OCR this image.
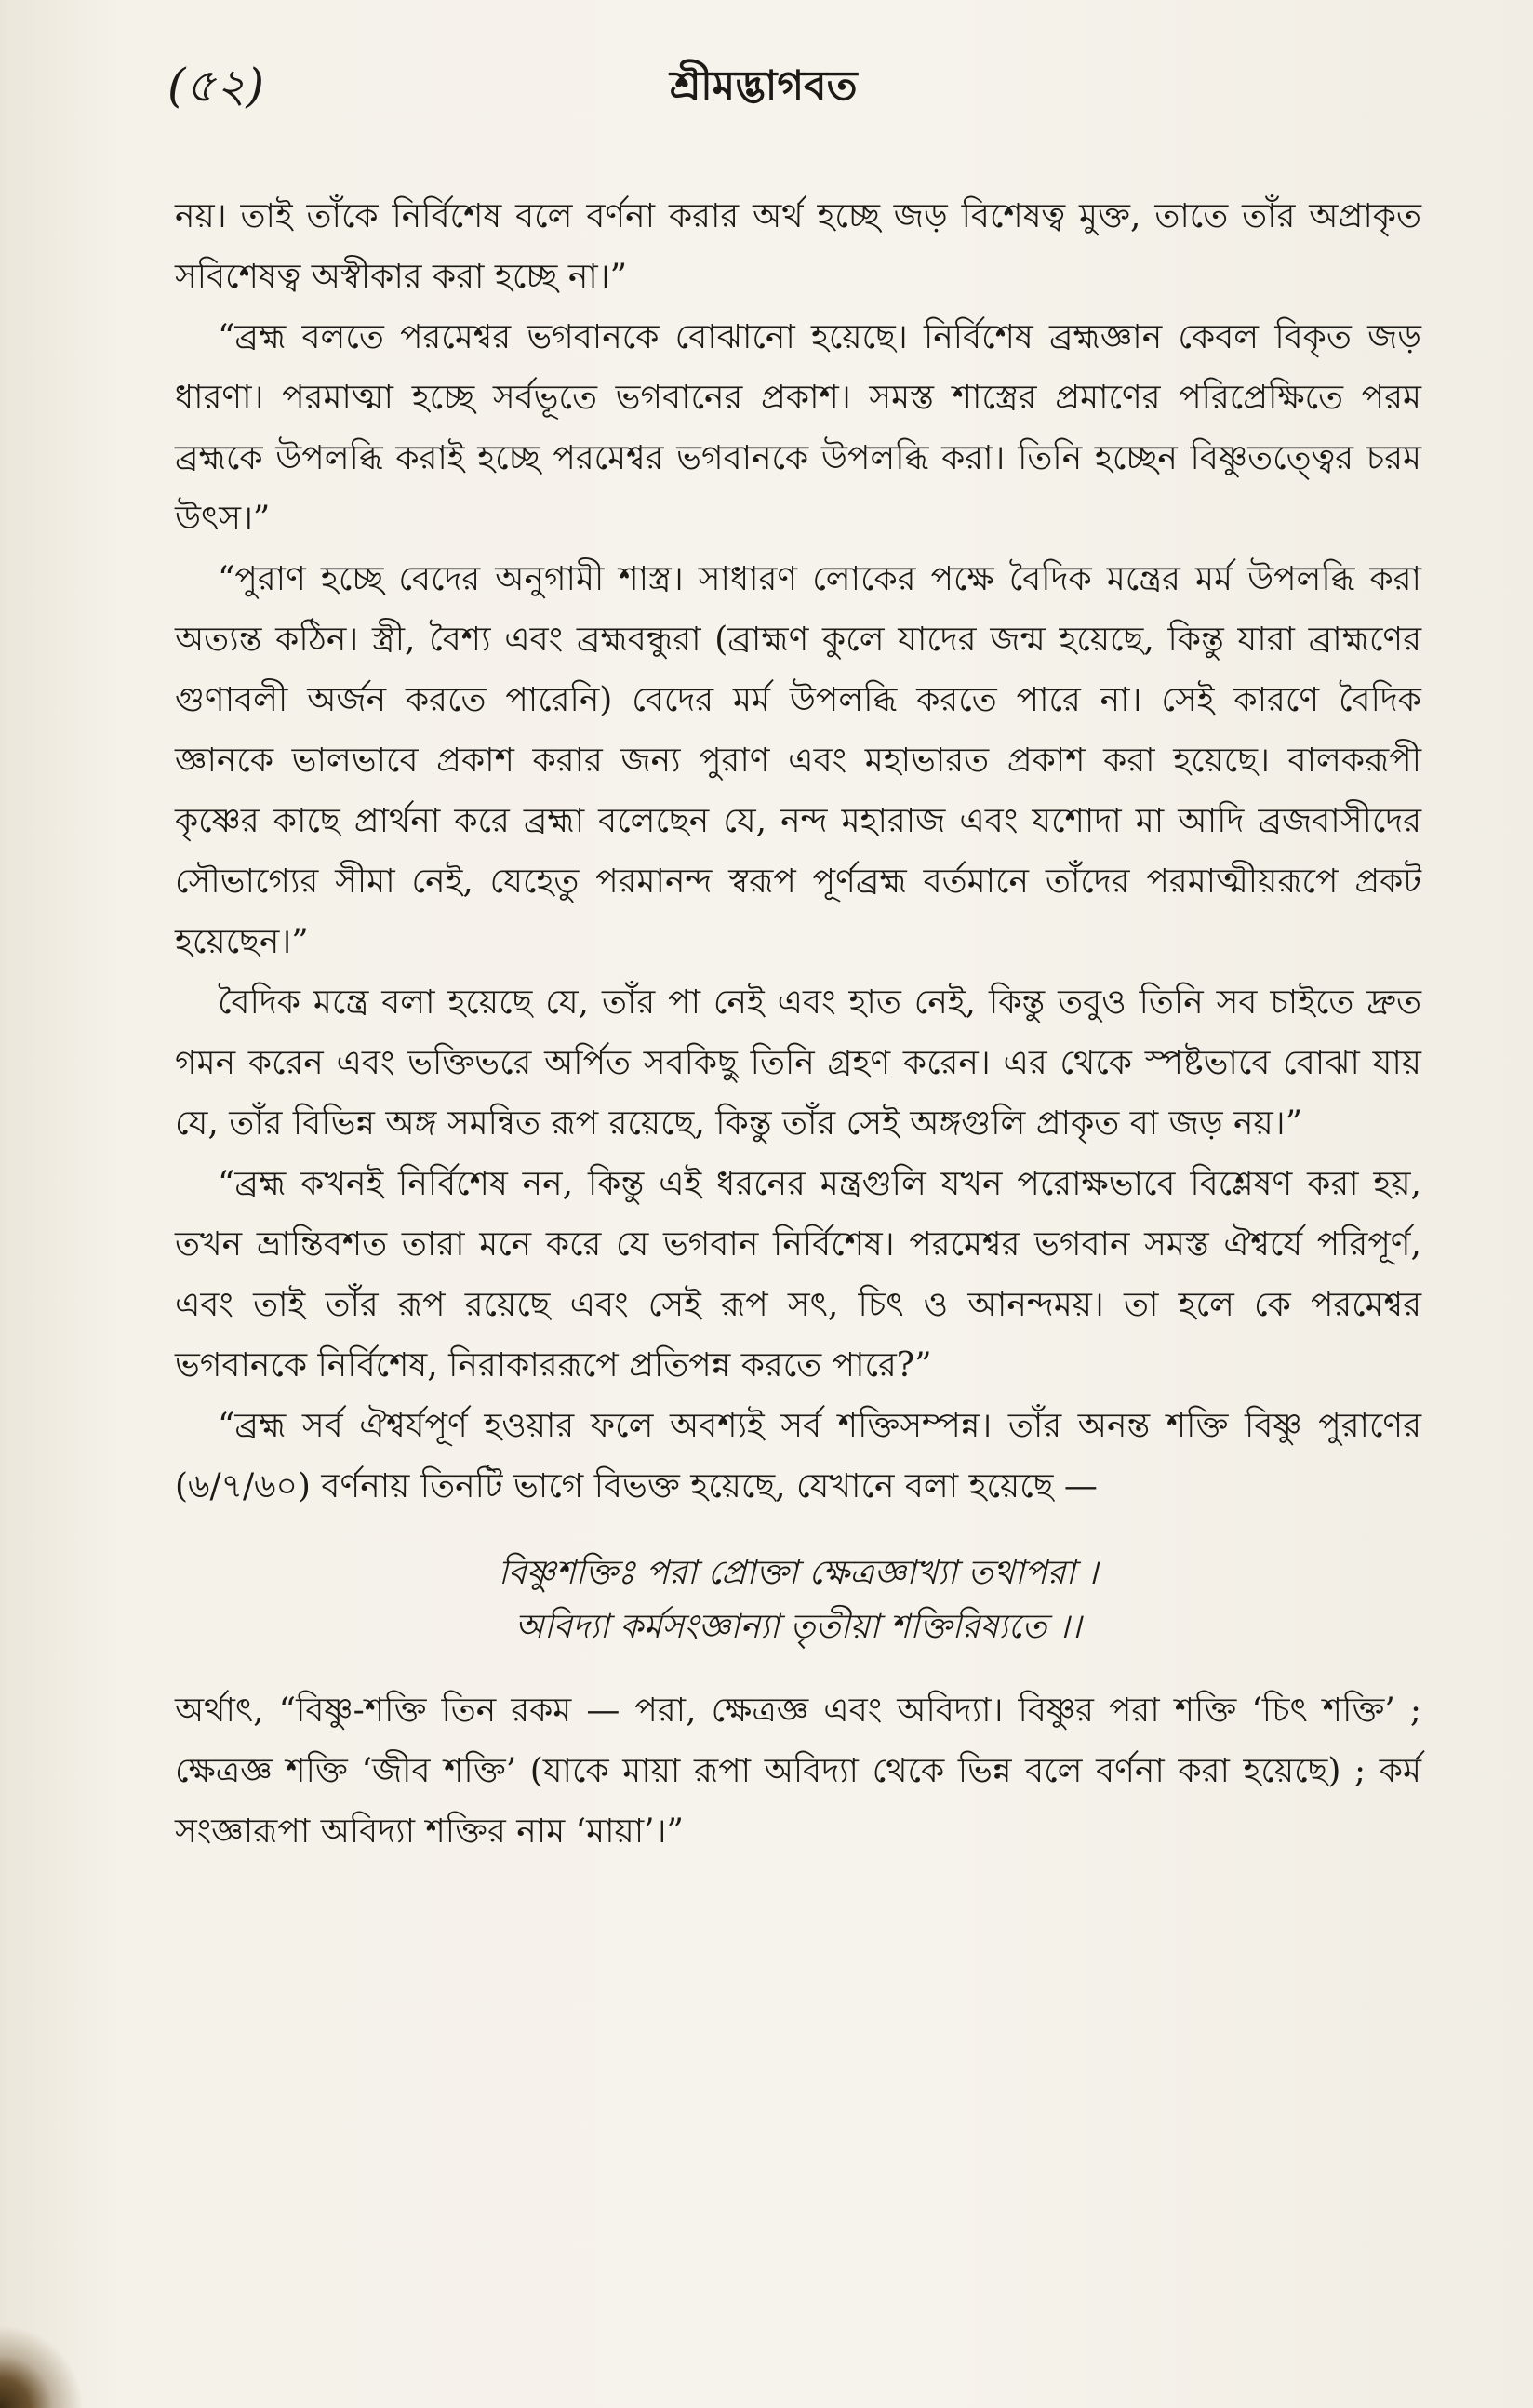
(৫২)	শ্রীমদ্ভাগবত

নয়। তাই তাঁকে নির্বিশেষ বলে বর্ণনা করার অর্থ হচ্ছে জড় বিশেষত্ব মুক্ত, তাতে তাঁর অপ্রাকৃত সবিশেষত্ব অস্বীকার করা হচ্ছে না।”

“ব্রহ্ম বলতে পরমেশ্বর ভগবানকে বোঝানো হয়েছে। নির্বিশেষ ব্রহ্মজ্ঞান কেবল বিকৃত জড় ধারণা। পরমাত্মা হচ্ছে সর্বভূতে ভগবানের প্রকাশ। সমস্ত শাস্ত্রের প্রমাণের পরিপ্রেক্ষিতে পরম ব্রহ্মকে উপলব্ধি করাই হচ্ছে পরমেশ্বর ভগবানকে উপলব্ধি করা। তিনি হচ্ছেন বিষ্ণুতত্ত্বের চরম উৎস।”

“পুরাণ হচ্ছে বেদের অনুগামী শাস্ত্র। সাধারণ লোকের পক্ষে বৈদিক মন্ত্রের মর্ম উপলব্ধি করা অত্যন্ত কঠিন। স্ত্রী, বৈশ্য এবং ব্রহ্মবন্ধুরা (ব্রাহ্মণ কুলে যাদের জন্ম হয়েছে, কিন্তু যারা ব্রাহ্মণের গুণাবলী অর্জন করতে পারেনি) বেদের মর্ম উপলব্ধি করতে পারে না। সেই কারণে বৈদিক জ্ঞানকে ভালভাবে প্রকাশ করার জন্য পুরাণ এবং মহাভারত প্রকাশ করা হয়েছে। বালকরূপী কৃষ্ণের কাছে প্রার্থনা করে ব্রহ্মা বলেছেন যে, নন্দ মহারাজ এবং যশোদা মা আদি ব্রজবাসীদের সৌভাগ্যের সীমা নেই, যেহেতু পরমানন্দ স্বরূপ পূর্ণব্রহ্ম বর্তমানে তাঁদের পরমাত্মীয়রূপে প্রকট হয়েছেন।”

বৈদিক মন্ত্রে বলা হয়েছে যে, তাঁর পা নেই এবং হাত নেই, কিন্তু তবুও তিনি সব চাইতে দ্রুত গমন করেন এবং ভক্তিভরে অর্পিত সবকিছু তিনি গ্রহণ করেন। এর থেকে স্পষ্টভাবে বোঝা যায় যে, তাঁর বিভিন্ন অঙ্গ সমন্বিত রূপ রয়েছে, কিন্তু তাঁর সেই অঙ্গগুলি প্রাকৃত বা জড় নয়।”

“ব্রহ্ম কখনই নির্বিশেষ নন, কিন্তু এই ধরনের মন্ত্রগুলি যখন পরোক্ষভাবে বিশ্লেষণ করা হয়, তখন ভ্রান্তিবশত তারা মনে করে যে ভগবান নির্বিশেষ। পরমেশ্বর ভগবান সমস্ত ঐশ্বর্যে পরিপূর্ণ, এবং তাই তাঁর রূপ রয়েছে এবং সেই রূপ সৎ, চিৎ ও আনন্দময়। তা হলে কে পরমেশ্বর ভগবানকে নির্বিশেষ, নিরাকাররূপে প্রতিপন্ন করতে পারে?”

“ব্রহ্ম সর্ব ঐশ্বর্যপূর্ণ হওয়ার ফলে অবশ্যই সর্ব শক্তিসম্পন্ন। তাঁর অনন্ত শক্তি বিষ্ণু পুরাণের (৬/৭/৬০) বর্ণনায় তিনটি ভাগে বিভক্ত হয়েছে, যেখানে বলা হয়েছে —

বিষ্ণুশক্তিঃ পরা প্রোক্তা ক্ষেত্রজ্ঞাখ্যা তথাপরা ।
অবিদ্যা কর্মসংজ্ঞান্যা তৃতীয়া শক্তিরিষ্যতে ।।

অর্থাৎ, “বিষ্ণু-শক্তি তিন রকম — পরা, ক্ষেত্রজ্ঞ এবং অবিদ্যা। বিষ্ণুর পরা শক্তি ‘চিৎ শক্তি’ ; ক্ষেত্রজ্ঞ শক্তি ‘জীব শক্তি’ (যাকে মায়া রূপা অবিদ্যা থেকে ভিন্ন বলে বর্ণনা করা হয়েছে) ; কর্ম সংজ্ঞারূপা অবিদ্যা শক্তির নাম ‘মায়া’।”
